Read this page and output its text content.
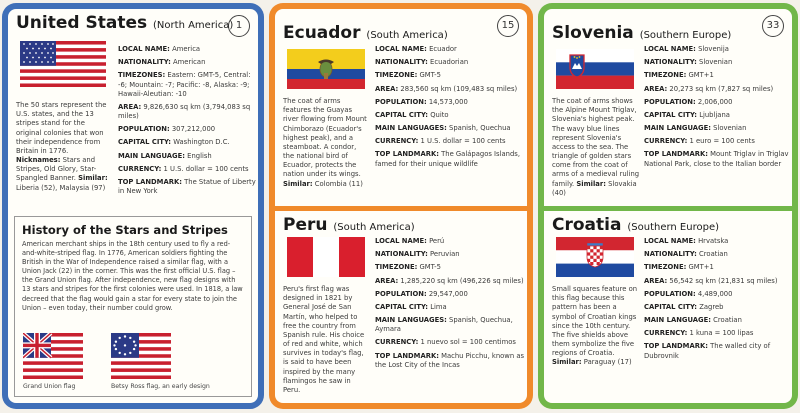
1
United States (North America)
LOCAL NAME: America
NATIONALITY: American
TIMEZONES: Eastern: GMT-5, Central: -6; Mountain: -7; Pacific: -8, Alaska: -9; Hawaii-Aleutian: -10
AREA: 9,826,630 sq km (3,794,083 sq miles)
POPULATION: 307,212,000
CAPITAL CITY: Washington D.C.
MAIN LANGUAGE: English
CURRENCY: 1 U.S. dollar = 100 cents
TOP LANDMARK: The Statue of Liberty in New York
The 50 stars represent the U.S. states, and the 13 stripes stand for the original colonies that won their independence from Britain in 1776. Nicknames: Stars and Stripes, Old Glory, Star-Spangled Banner. Similar: Liberia (52), Malaysia (97)
History of the Stars and Stripes
American merchant ships in the 18th century used to fly a red-and-white-striped flag. In 1776, American soldiers fighting the British in the War of Independence raised a similar flag, with a Union Jack (22) in the corner. This was the first official U.S. flag – the Grand Union flag. After independence, new flag designs with 13 stars and stripes for the first colonies were used. In 1818, a law decreed that the flag would gain a star for every state to join the Union – even today, their number could grow.
Grand Union flag	Betsy Ross flag, an early design
15
Ecuador (South America)
LOCAL NAME: Ecuador
NATIONALITY: Ecuadorian
TIMEZONE: GMT-5
AREA: 283,560 sq km (109,483 sq miles)
POPULATION: 14,573,000
CAPITAL CITY: Quito
MAIN LANGUAGES: Spanish, Quechua
CURRENCY: 1 U.S. dollar = 100 cents
TOP LANDMARK: The Galápagos Islands, famed for their unique wildlife
The coat of arms features the Guayas river flowing from Mount Chimborazo (Ecuador's highest peak), and a steamboat. A condor, the national bird of Ecuador, protects the nation under its wings. Similar: Colombia (11)
Peru (South America)
LOCAL NAME: Perú
NATIONALITY: Peruvian
TIMEZONE: GMT-5
AREA: 1,285,220 sq km (496,226 sq miles)
POPULATION: 29,547,000
CAPITAL CITY: Lima
MAIN LANGUAGES: Spanish, Quechua, Aymara
CURRENCY: 1 nuevo sol = 100 centimos
TOP LANDMARK: Machu Picchu, known as the Lost City of the Incas
Peru's first flag was designed in 1821 by General José de San Martín, who helped to free the country from Spanish rule. His choice of red and white, which survives in today's flag, is said to have been inspired by the many flamingos he saw in Peru.
33
Slovenia (Southern Europe)
LOCAL NAME: Slovenija
NATIONALITY: Slovenian
TIMEZONE: GMT+1
AREA: 20,273 sq km (7,827 sq miles)
POPULATION: 2,006,000
CAPITAL CITY: Ljubljana
MAIN LANGUAGE: Slovenian
CURRENCY: 1 euro = 100 cents
TOP LANDMARK: Mount Triglav in Triglav National Park, close to the Italian border
The coat of arms shows the Alpine Mount Triglav, Slovenia's highest peak. The wavy blue lines represent Slovenia's access to the sea. The triangle of golden stars come from the coat of arms of a medieval ruling family. Similar: Slovakia (40)
Croatia (Southern Europe)
LOCAL NAME: Hrvatska
NATIONALITY: Croatian
TIMEZONE: GMT+1
AREA: 56,542 sq km (21,831 sq miles)
POPULATION: 4,489,000
CAPITAL CITY: Zagreb
MAIN LANGUAGE: Croatian
CURRENCY: 1 kuna = 100 lipas
TOP LANDMARK: The walled city of Dubrovnik
Small squares feature on this flag because this pattern has been a symbol of Croatian kings since the 10th century. The five shields above them symbolize the five regions of Croatia. Similar: Paraguay (17)
